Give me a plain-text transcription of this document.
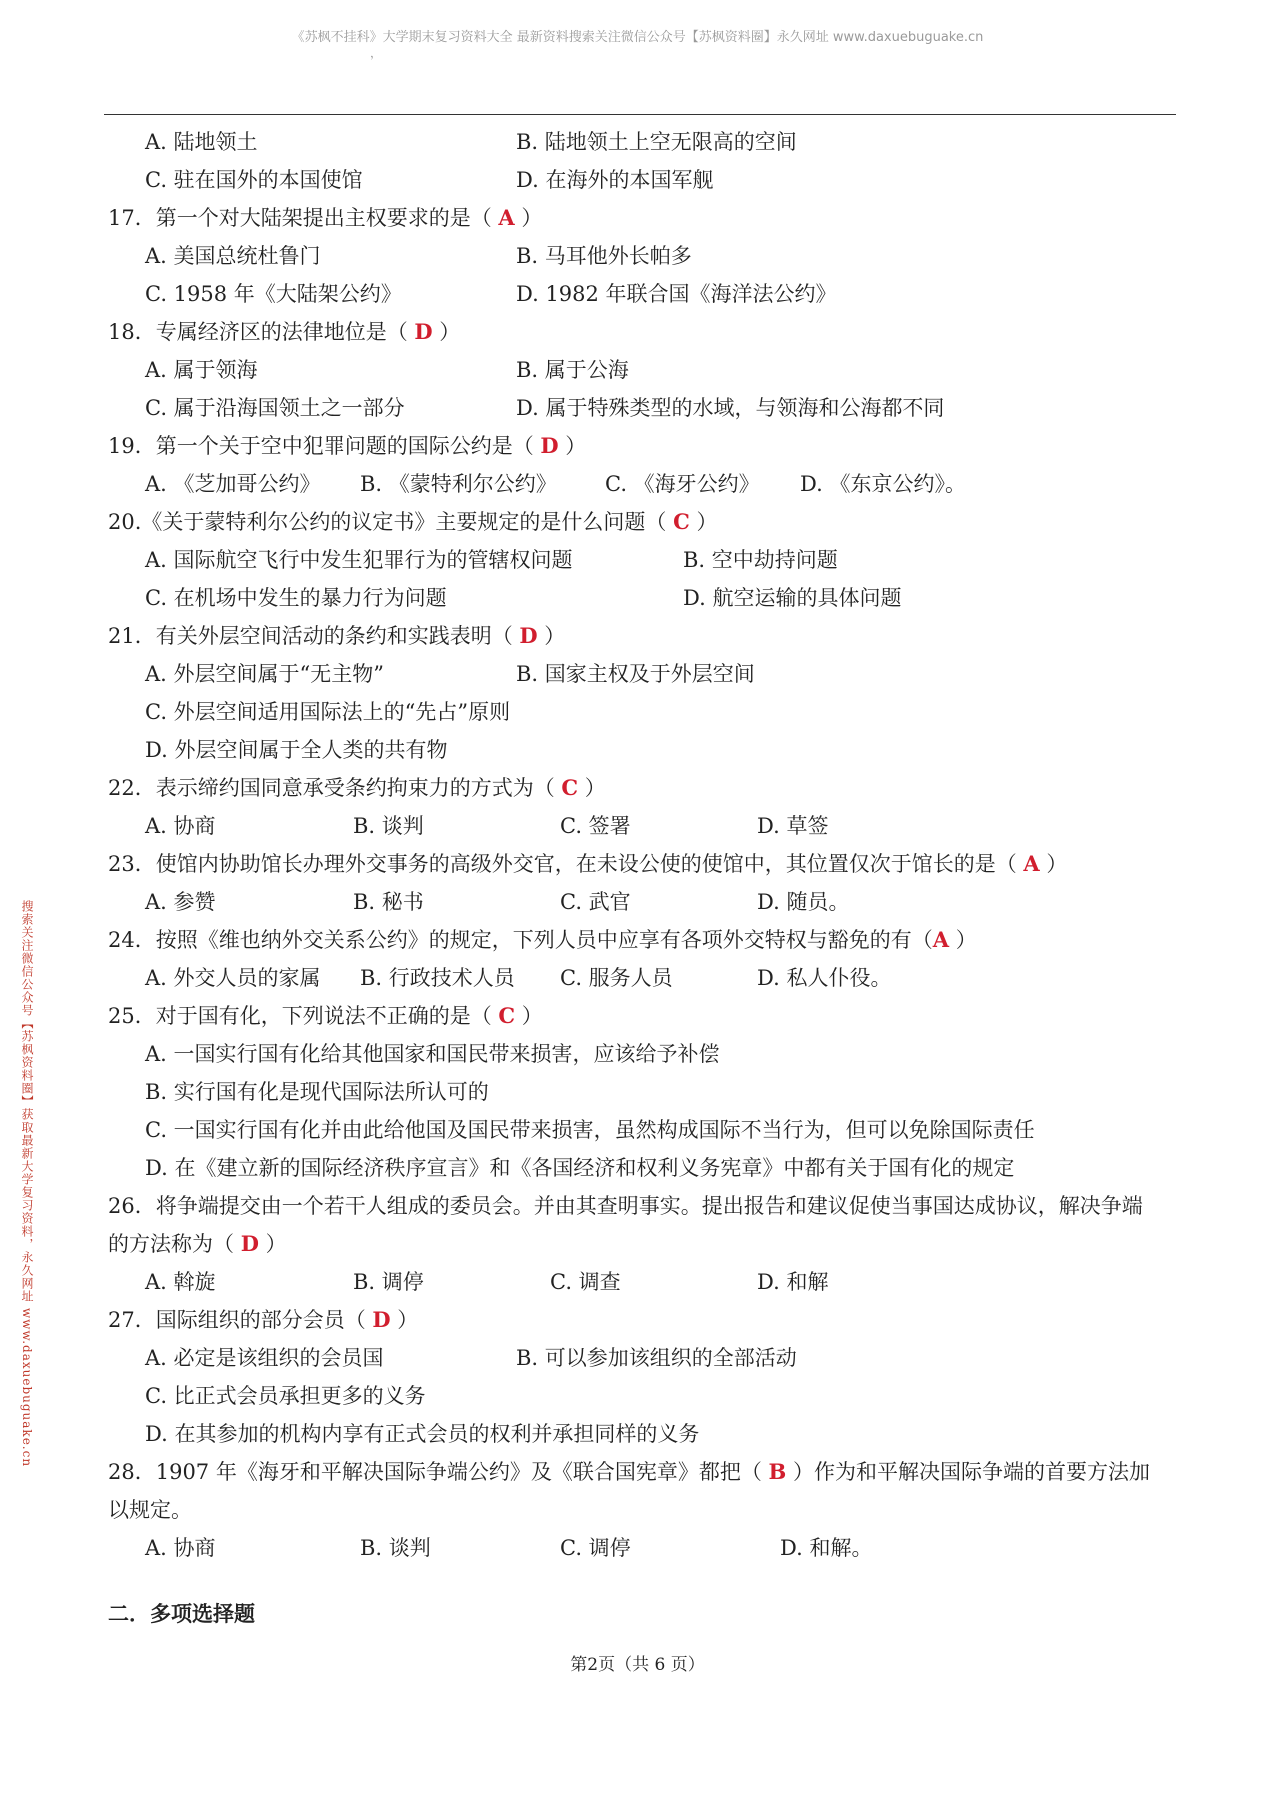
《苏枫不挂科》大学期末复习资料大全 最新资料搜索关注微信公众号【苏枫资料圈】永久网址 www.daxuebuguake.cn
，
搜索关注微信公众号【苏枫资料圈】获取最新大学复习资料，永久网址 www.daxuebuguake.cn
A. 陆地领土	B. 陆地领土上空无限高的空间
C. 驻在国外的本国使馆	D. 在海外的本国军舰
17．第一个对大陆架提出主权要求的是（ A ）
A. 美国总统杜鲁门	B. 马耳他外长帕多
C. 1958 年《大陆架公约》	D. 1982 年联合国《海洋法公约》
18．专属经济区的法律地位是（ D ）
A. 属于领海	B. 属于公海
C. 属于沿海国领土之一部分	D. 属于特殊类型的水域，与领海和公海都不同
19．第一个关于空中犯罪问题的国际公约是（ D ）
A. 《芝加哥公约》 B. 《蒙特利尔公约》 C. 《海牙公约》 D. 《东京公约》。
20.《关于蒙特利尔公约的议定书》主要规定的是什么问题（ C ）
A. 国际航空飞行中发生犯罪行为的管辖权问题	B. 空中劫持问题
C. 在机场中发生的暴力行为问题	D. 航空运输的具体问题
21．有关外层空间活动的条约和实践表明（ D ）
A. 外层空间属于“无主物”	B. 国家主权及于外层空间
C. 外层空间适用国际法上的“先占”原则
D. 外层空间属于全人类的共有物
22．表示缔约国同意承受条约拘束力的方式为（ C ）
A. 协商	B. 谈判	C. 签署	D. 草签
23．使馆内协助馆长办理外交事务的高级外交官，在未设公使的使馆中，其位置仅次于馆长的是（ A ）
A. 参赞	B. 秘书	C. 武官	D. 随员。
24．按照《维也纳外交关系公约》的规定，下列人员中应享有各项外交特权与豁免的有（A ）
A. 外交人员的家属 B. 行政技术人员 C. 服务人员	D. 私人仆役。
25．对于国有化，下列说法不正确的是（ C ）
A. 一国实行国有化给其他国家和国民带来损害，应该给予补偿
B. 实行国有化是现代国际法所认可的
C. 一国实行国有化并由此给他国及国民带来损害，虽然构成国际不当行为，但可以免除国际责任
D. 在《建立新的国际经济秩序宣言》和《各国经济和权利义务宪章》中都有关于国有化的规定
26．将争端提交由一个若干人组成的委员会。并由其查明事实。提出报告和建议促使当事国达成协议，解决争端
的方法称为（ D ）
A. 斡旋	B. 调停	C. 调查	D. 和解
27．国际组织的部分会员（ D ）
A. 必定是该组织的会员国	B. 可以参加该组织的全部活动
C. 比正式会员承担更多的义务
D. 在其参加的机构内享有正式会员的权利并承担同样的义务
28．1907 年《海牙和平解决国际争端公约》及《联合国宪章》都把（ B ）作为和平解决国际争端的首要方法加
以规定。
A. 协商	B. 谈判	C. 调停	D. 和解。
二．多项选择题
第2页（共 6 页）
